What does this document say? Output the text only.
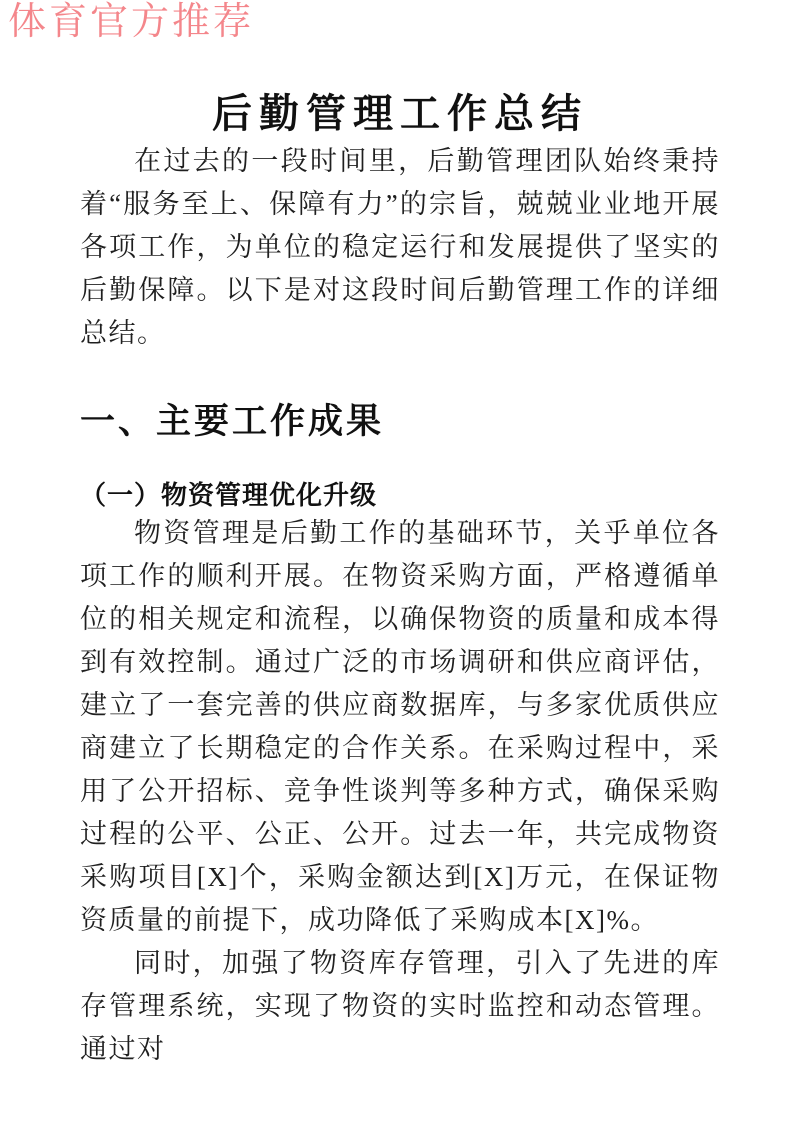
体育官方推荐
后勤管理工作总结

在过去的一段时间里，后勤管理团队始终秉持着“服务至上、保障有力”的宗旨，兢兢业业地开展各项工作，为单位的稳定运行和发展提供了坚实的后勤保障。以下是对这段时间后勤管理工作的详细总结。

一、主要工作成果
（一）物资管理优化升级

物资管理是后勤工作的基础环节，关乎单位各项工作的顺利开展。在物资采购方面，严格遵循单位的相关规定和流程，以确保物资的质量和成本得到有效控制。通过广泛的市场调研和供应商评估，建立了一套完善的供应商数据库，与多家优质供应商建立了长期稳定的合作关系。在采购过程中，采用了公开招标、竞争性谈判等多种方式，确保采购过程的公平、公正、公开。过去一年，共完成物资采购项目[X]个，采购金额达到[X]万元，在保证物资质量的前提下，成功降低了采购成本[X]%。

同时，加强了物资库存管理，引入了先进的库存管理系统，实现了物资的实时监控和动态管理。通过对
